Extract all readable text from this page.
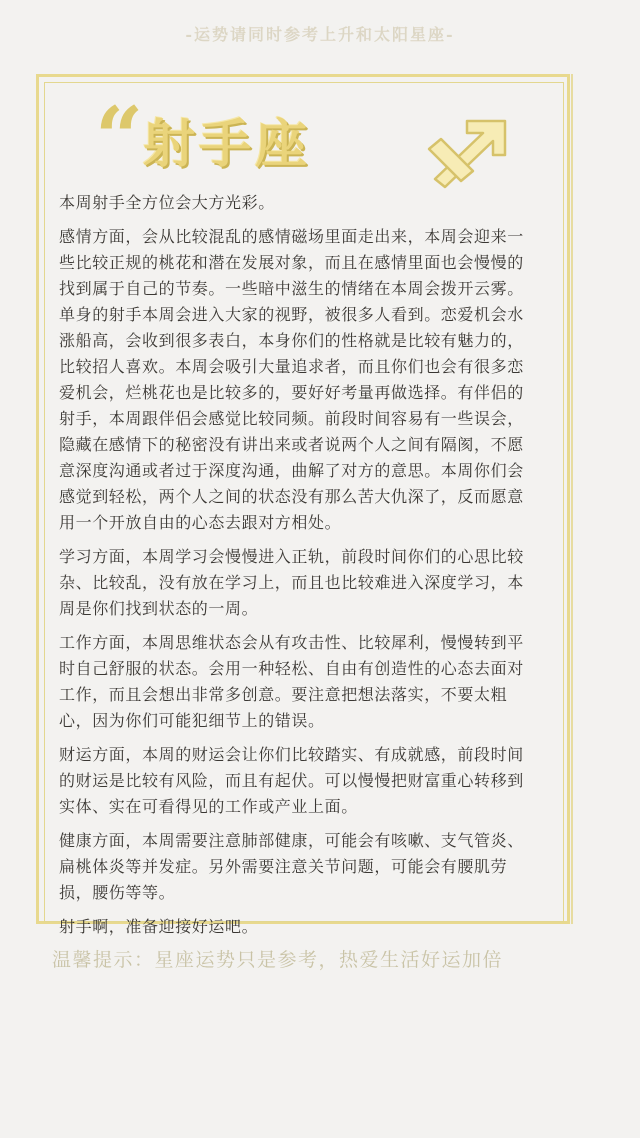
-运势请同时参考上升和太阳星座-
“ 射手座

本周射手全方位会大方光彩。

感情方面，会从比较混乱的感情磁场里面走出来，本周会迎来一些比较正规的桃花和潜在发展对象，而且在感情里面也会慢慢的找到属于自己的节奏。一些暗中滋生的情绪在本周会拨开云雾。单身的射手本周会进入大家的视野，被很多人看到。恋爱机会水涨船高，会收到很多表白，本身你们的性格就是比较有魅力的，比较招人喜欢。本周会吸引大量追求者，而且你们也会有很多恋爱机会，烂桃花也是比较多的，要好好考量再做选择。有伴侣的射手，本周跟伴侣会感觉比较同频。前段时间容易有一些误会，隐藏在感情下的秘密没有讲出来或者说两个人之间有隔阂，不愿意深度沟通或者过于深度沟通，曲解了对方的意思。本周你们会感觉到轻松，两个人之间的状态没有那么苦大仇深了，反而愿意用一个开放自由的心态去跟对方相处。

学习方面，本周学习会慢慢进入正轨，前段时间你们的心思比较杂、比较乱，没有放在学习上，而且也比较难进入深度学习，本周是你们找到状态的一周。

工作方面，本周思维状态会从有攻击性、比较犀利，慢慢转到平时自己舒服的状态。会用一种轻松、自由有创造性的心态去面对工作，而且会想出非常多创意。要注意把想法落实，不要太粗心，因为你们可能犯细节上的错误。

财运方面，本周的财运会让你们比较踏实、有成就感，前段时间的财运是比较有风险，而且有起伏。可以慢慢把财富重心转移到实体、实在可看得见的工作或产业上面。

健康方面，本周需要注意肺部健康，可能会有咳嗽、支气管炎、扁桃体炎等并发症。另外需要注意关节问题，可能会有腰肌劳损，腰伤等等。

射手啊，准备迎接好运吧。

温馨提示：星座运势只是参考，热爱生活好运加倍
